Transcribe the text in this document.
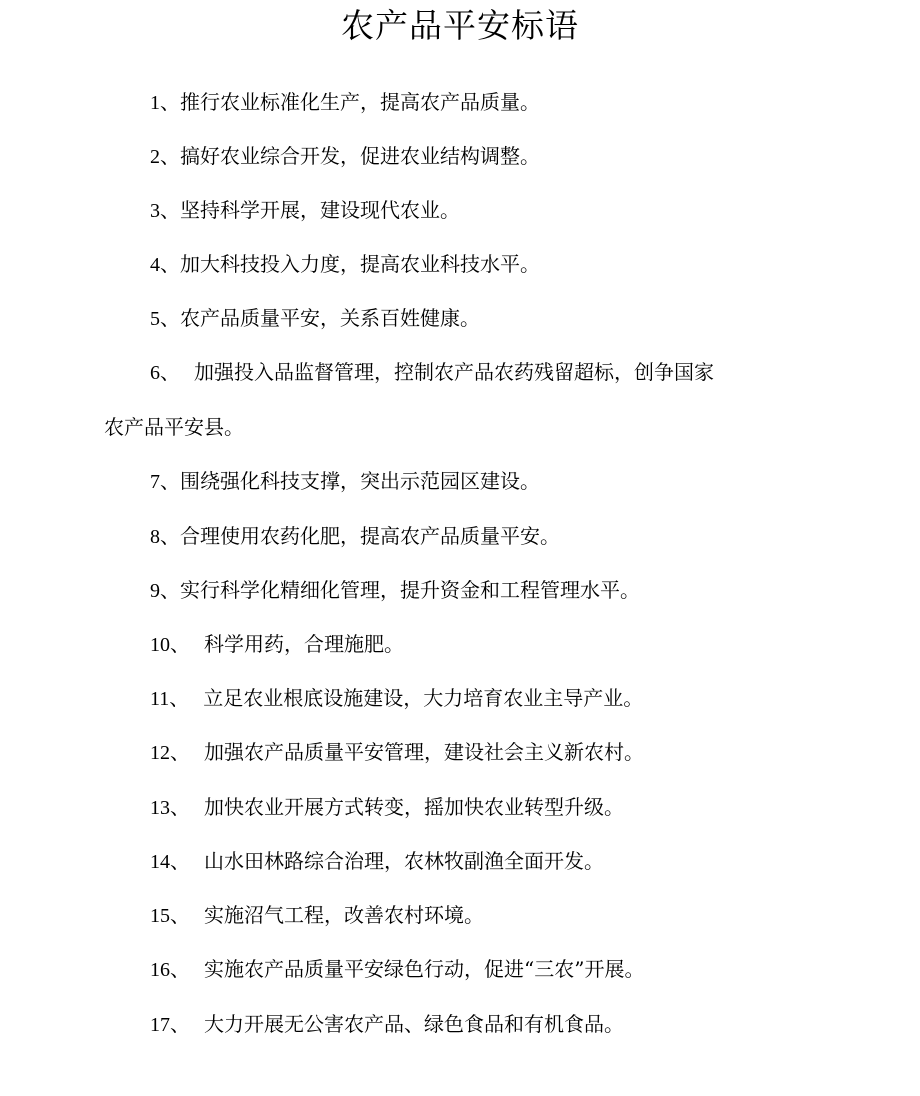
农产品平安标语
1、推行农业标准化生产，提高农产品质量。
2、搞好农业综合开发，促进农业结构调整。
3、坚持科学开展，建设现代农业。
4、加大科技投入力度，提高农业科技水平。
5、农产品质量平安，关系百姓健康。
6、 加强投入品监督管理，控制农产品农药残留超标，创争国家
农产品平安县。
7、围绕强化科技支撑，突出示范园区建设。
8、合理使用农药化肥，提高农产品质量平安。
9、实行科学化精细化管理，提升资金和工程管理水平。
10、 科学用药，合理施肥。
11、 立足农业根底设施建设，大力培育农业主导产业。
12、 加强农产品质量平安管理，建设社会主义新农村。
13、 加快农业开展方式转变，摇加快农业转型升级。
14、 山水田林路综合治理，农林牧副渔全面开发。
15、 实施沼气工程，改善农村环境。
16、 实施农产品质量平安绿色行动，促进“三农”开展。
17、 大力开展无公害农产品、绿色食品和有机食品。
